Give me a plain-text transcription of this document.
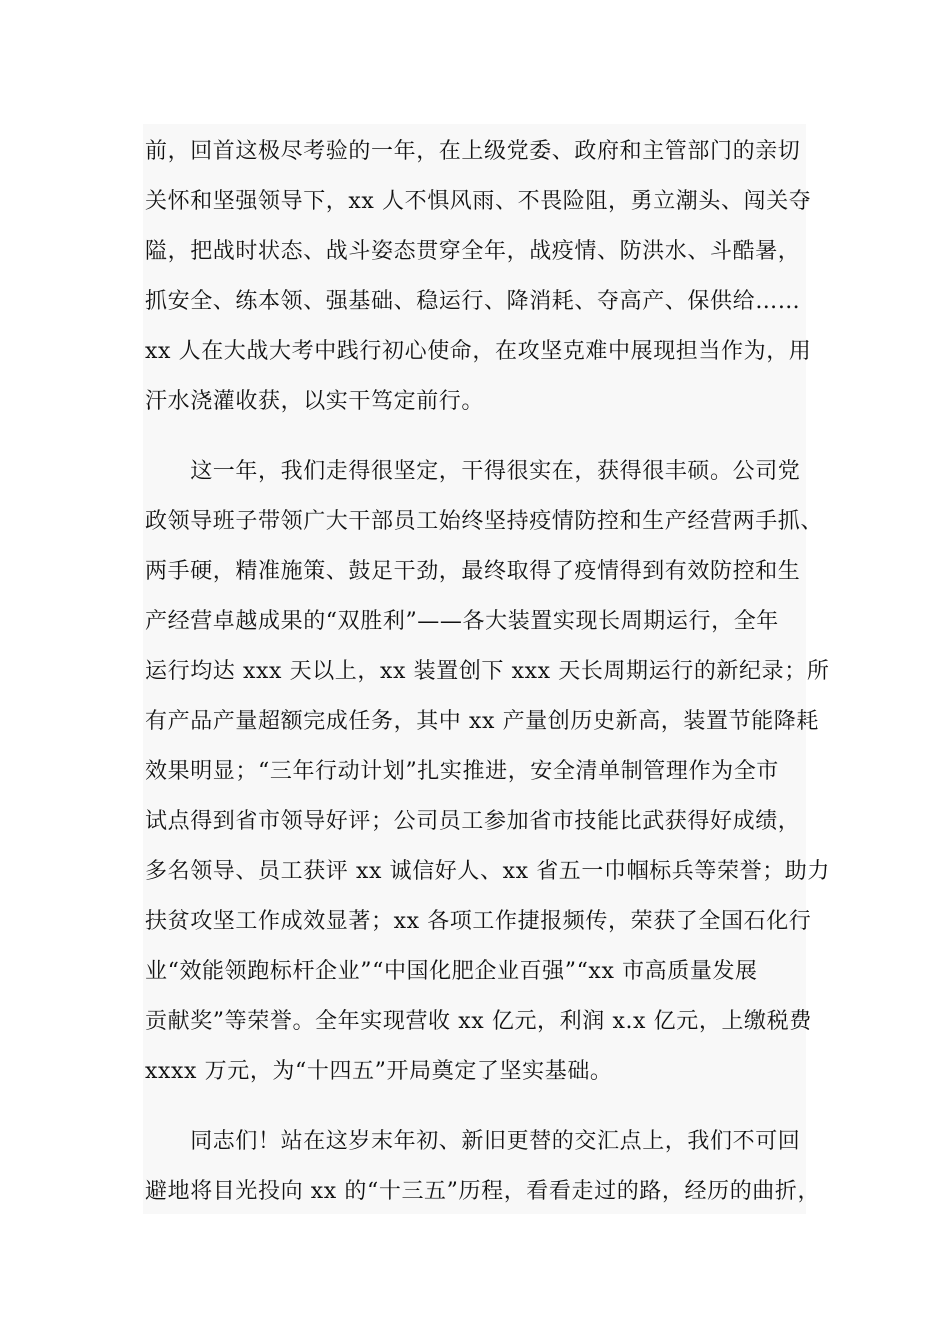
前，回首这极尽考验的一年，在上级党委、政府和主管部门的亲切
关怀和坚强领导下，xx 人不惧风雨、不畏险阻，勇立潮头、闯关夺
隘，把战时状态、战斗姿态贯穿全年，战疫情、防洪水、斗酷暑，
抓安全、练本领、强基础、稳运行、降消耗、夺高产、保供给……
xx 人在大战大考中践行初心使命，在攻坚克难中展现担当作为，用
汗水浇灌收获，以实干笃定前行。
　　这一年，我们走得很坚定，干得很实在，获得很丰硕。公司党
政领导班子带领广大干部员工始终坚持疫情防控和生产经营两手抓、
两手硬，精准施策、鼓足干劲，最终取得了疫情得到有效防控和生
产经营卓越成果的“双胜利”——各大装置实现长周期运行，全年
运行均达 xxx 天以上，xx 装置创下 xxx 天长周期运行的新纪录；所
有产品产量超额完成任务，其中 xx 产量创历史新高，装置节能降耗
效果明显；“三年行动计划”扎实推进，安全清单制管理作为全市
试点得到省市领导好评；公司员工参加省市技能比武获得好成绩，
多名领导、员工获评 xx 诚信好人、xx 省五一巾帼标兵等荣誉；助力
扶贫攻坚工作成效显著；xx 各项工作捷报频传，荣获了全国石化行
业“效能领跑标杆企业”“中国化肥企业百强”“xx 市高质量发展
贡献奖”等荣誉。全年实现营收 xx 亿元，利润 x.x 亿元，上缴税费
xxxx 万元，为“十四五”开局奠定了坚实基础。
　　同志们！站在这岁末年初、新旧更替的交汇点上，我们不可回
避地将目光投向 xx 的“十三五”历程，看看走过的路，经历的曲折，
